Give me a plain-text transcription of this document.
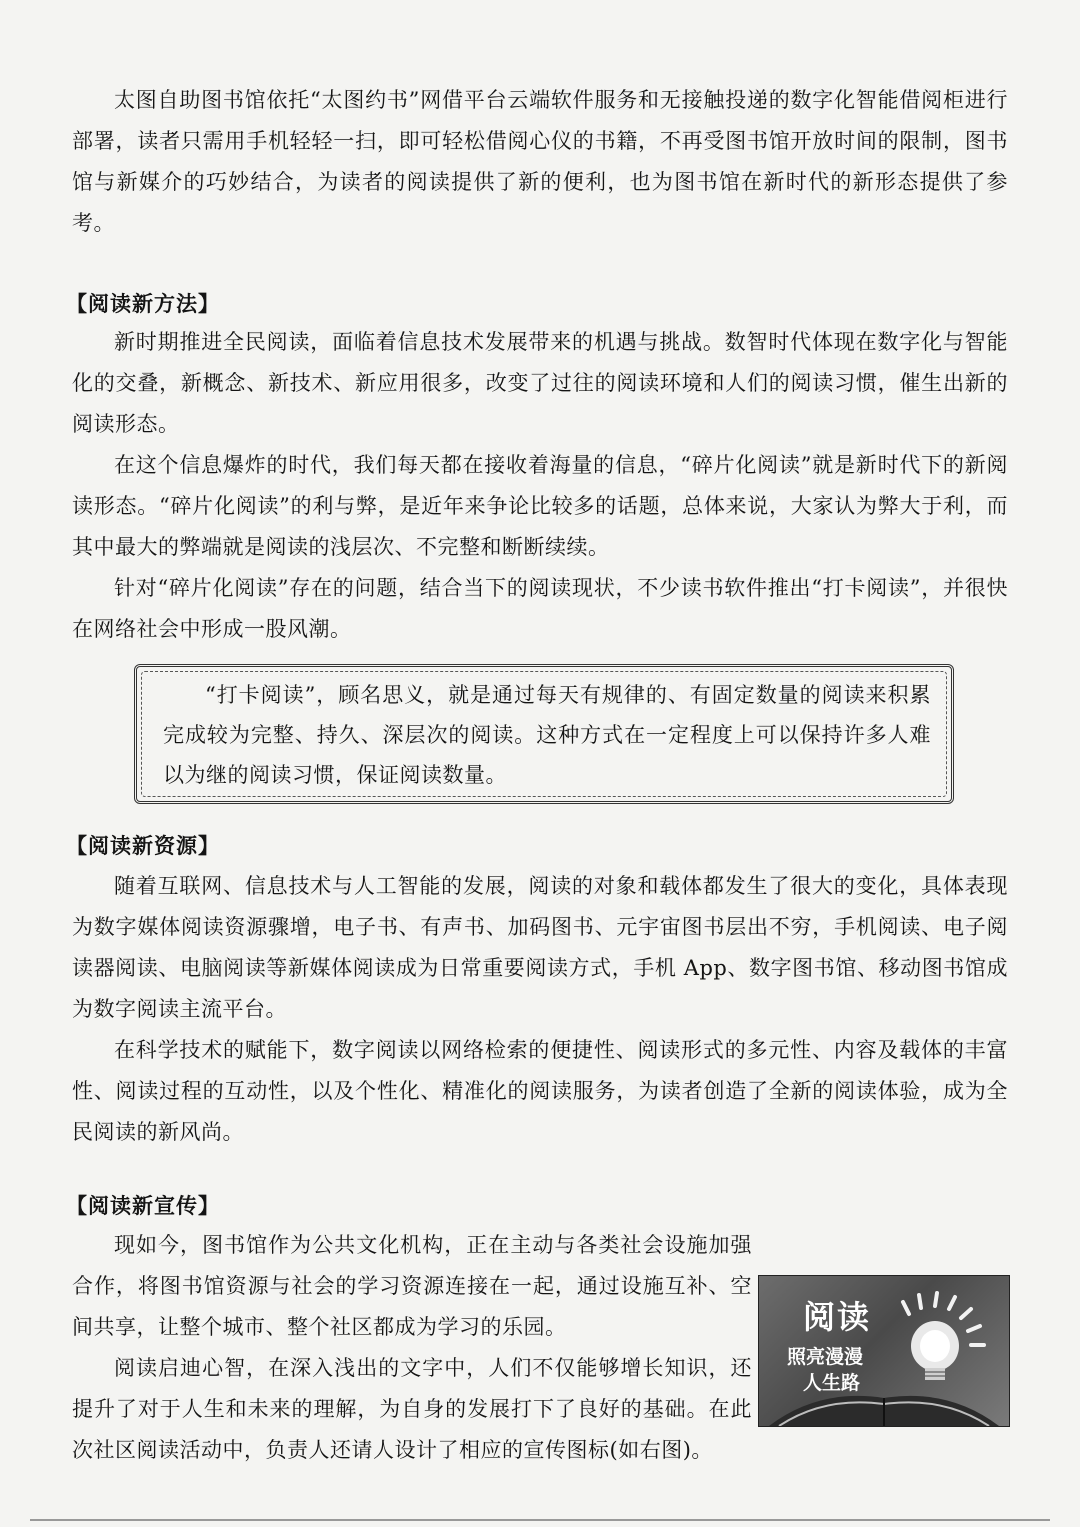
太图自助图书馆依托“太图约书”网借平台云端软件服务和无接触投递的数字化智能借阅柜进行部署，读者只需用手机轻轻一扫，即可轻松借阅心仪的书籍，不再受图书馆开放时间的限制，图书馆与新媒介的巧妙结合，为读者的阅读提供了新的便利，也为图书馆在新时代的新形态提供了参考。

【阅读新方法】

新时期推进全民阅读，面临着信息技术发展带来的机遇与挑战。数智时代体现在数字化与智能化的交叠，新概念、新技术、新应用很多，改变了过往的阅读环境和人们的阅读习惯，催生出新的阅读形态。

在这个信息爆炸的时代，我们每天都在接收着海量的信息，“碎片化阅读”就是新时代下的新阅读形态。“碎片化阅读”的利与弊，是近年来争论比较多的话题，总体来说，大家认为弊大于利，而其中最大的弊端就是阅读的浅层次、不完整和断断续续。

针对“碎片化阅读”存在的问题，结合当下的阅读现状，不少读书软件推出“打卡阅读”，并很快在网络社会中形成一股风潮。

“打卡阅读”，顾名思义，就是通过每天有规律的、有固定数量的阅读来积累完成较为完整、持久、深层次的阅读。这种方式在一定程度上可以保持许多人难以为继的阅读习惯，保证阅读数量。

【阅读新资源】

随着互联网、信息技术与人工智能的发展，阅读的对象和载体都发生了很大的变化，具体表现为数字媒体阅读资源骤增，电子书、有声书、加码图书、元宇宙图书层出不穷，手机阅读、电子阅读器阅读、电脑阅读等新媒体阅读成为日常重要阅读方式，手机 App、数字图书馆、移动图书馆成为数字阅读主流平台。

在科学技术的赋能下，数字阅读以网络检索的便捷性、阅读形式的多元性、内容及载体的丰富性、阅读过程的互动性，以及个性化、精准化的阅读服务，为读者创造了全新的阅读体验，成为全民阅读的新风尚。

【阅读新宣传】

现如今，图书馆作为公共文化机构，正在主动与各类社会设施加强合作，将图书馆资源与社会的学习资源连接在一起，通过设施互补、空间共享，让整个城市、整个社区都成为学习的乐园。

阅读启迪心智，在深入浅出的文字中，人们不仅能够增长知识，还提升了对于人生和未来的理解，为自身的发展打下了良好的基础。在此次社区阅读活动中，负责人还请人设计了相应的宣传图标(如右图)。

阅读
照亮漫漫
人生路
